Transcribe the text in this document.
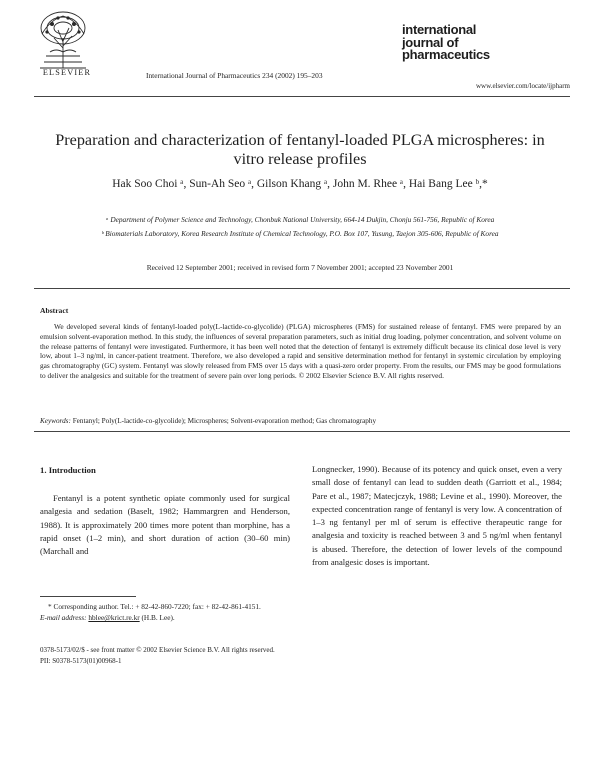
ELSEVIER	International Journal of Pharmaceutics 234 (2002) 195–203
international
journal of
pharmaceutics
www.elsevier.com/locate/ijpharm
Preparation and characterization of fentanyl-loaded PLGA microspheres: in vitro release profiles
Hak Soo Choi ᵃ, Sun-Ah Seo ᵃ, Gilson Khang ᵃ, John M. Rhee ᵃ, Hai Bang Lee ᵇ,*
ᵃ Department of Polymer Science and Technology, Chonbuk National University, 664-14 Dukjin, Chonju 561-756, Republic of Korea
ᵇ Biomaterials Laboratory, Korea Research Institute of Chemical Technology, P.O. Box 107, Yusung, Taejon 305-606, Republic of Korea
Received 12 September 2001; received in revised form 7 November 2001; accepted 23 November 2001
Abstract
We developed several kinds of fentanyl-loaded poly(L-lactide-co-glycolide) (PLGA) microspheres (FMS) for sustained release of fentanyl. FMS were prepared by an emulsion solvent-evaporation method. In this study, the influences of several preparation parameters, such as initial drug loading, polymer concentration, and solvent volume on the release patterns of fentanyl were investigated. Furthermore, it has been well noted that the detection of fentanyl is extremely difficult because its clinical dose level is very low, about 1–3 ng/ml, in cancer-patient treatment. Therefore, we also developed a rapid and sensitive determination method for fentanyl in systemic circulation by employing gas chromatography (GC) system. Fentanyl was slowly released from FMS over 15 days with a quasi-zero order property. From the results, our FMS may be good formulations to deliver the analgesics and suitable for the treatment of severe pain over long periods. © 2002 Elsevier Science B.V. All rights reserved.
Keywords: Fentanyl; Poly(L-lactide-co-glycolide); Microspheres; Solvent-evaporation method; Gas chromatography
1. Introduction
Fentanyl is a potent synthetic opiate commonly used for surgical analgesia and sedation (Baselt, 1982; Hammargren and Henderson, 1988). It is approximately 200 times more potent than morphine, has a rapid onset (1–2 min), and short duration of action (30–60 min) (Marchall and
Longnecker, 1990). Because of its potency and quick onset, even a very small dose of fentanyl can lead to sudden death (Garriott et al., 1984; Pare et al., 1987; Matecjczyk, 1988; Levine et al., 1990). Moreover, the expected concentration range of fentanyl is very low. A concentration of 1–3 ng fentanyl per ml of serum is effective therapeutic range for analgesia and toxicity is reached between 3 and 5 ng/ml when fentanyl is abused. Therefore, the detection of lower levels of the compound from analgesic doses is important.
* Corresponding author. Tel.: + 82-42-860-7220; fax: + 82-42-861-4151.
E-mail address: hblee@krict.re.kr (H.B. Lee).
0378-5173/02/$ - see front matter © 2002 Elsevier Science B.V. All rights reserved.
PII: S0378-5173(01)00968-1
